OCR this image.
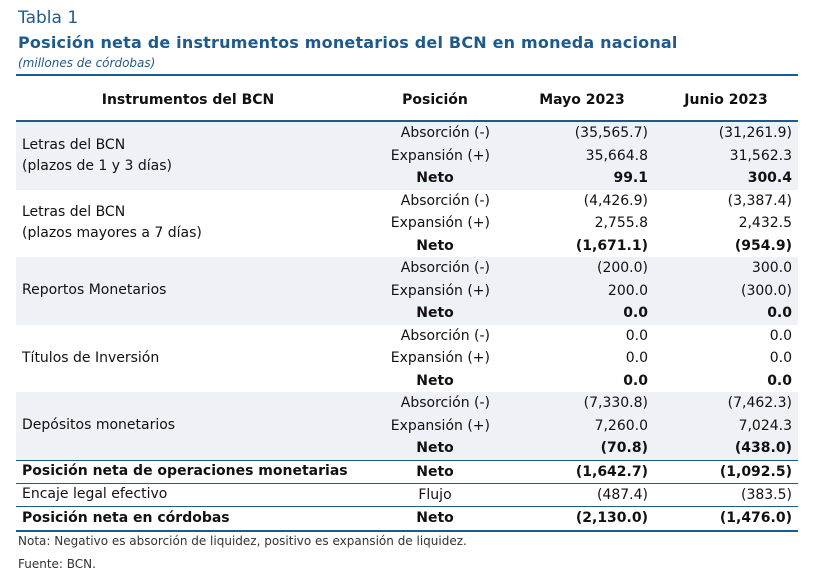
Tabla 1
Posición neta de instrumentos monetarios del BCN en moneda nacional
(millones de córdobas)
Instrumentos del BCN	Posición	Mayo 2023	Junio 2023
Letras del BCN
(plazos de 1 y 3 días)	Absorción (-)	(35,565.7)	(31,261.9)
	Expansión (+)	35,664.8	31,562.3
	Neto	99.1	300.4
Letras del BCN
(plazos mayores a 7 días)	Absorción (-)	(4,426.9)	(3,387.4)
	Expansión (+)	2,755.8	2,432.5
	Neto	(1,671.1)	(954.9)
Reportos Monetarios	Absorción (-)	(200.0)	300.0
	Expansión (+)	200.0	(300.0)
	Neto	0.0	0.0
Títulos de Inversión	Absorción (-)	0.0	0.0
	Expansión (+)	0.0	0.0
	Neto	0.0	0.0
Depósitos monetarios	Absorción (-)	(7,330.8)	(7,462.3)
	Expansión (+)	7,260.0	7,024.3
	Neto	(70.8)	(438.0)
Posición neta de operaciones monetarias	Neto	(1,642.7)	(1,092.5)
Encaje legal efectivo	Flujo	(487.4)	(383.5)
Posición neta en córdobas	Neto	(2,130.0)	(1,476.0)
Nota: Negativo es absorción de liquidez, positivo es expansión de liquidez.
Fuente: BCN.
